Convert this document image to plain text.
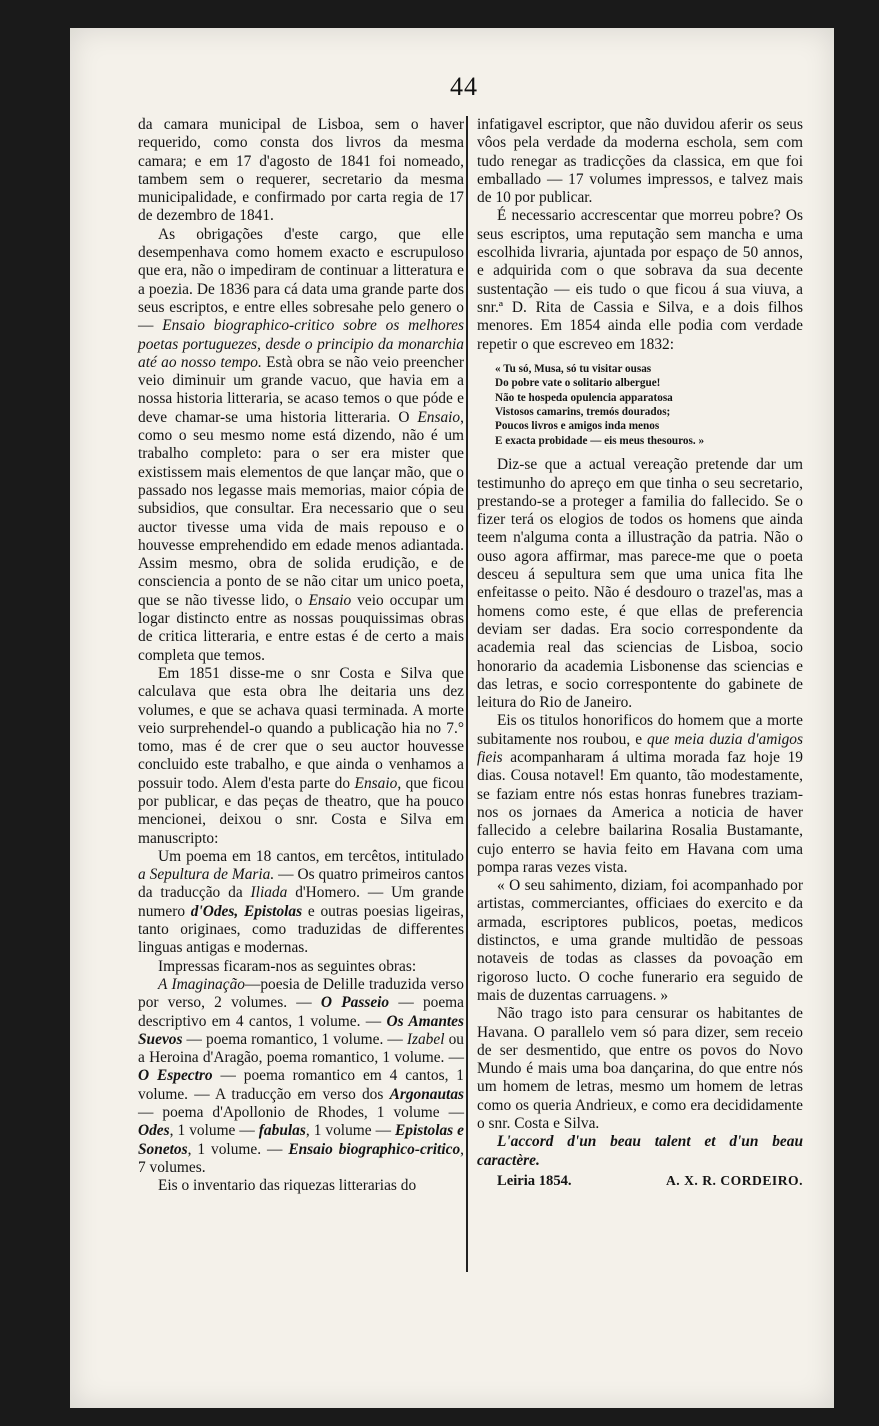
44

da camara municipal de Lisboa, sem o haver requerido, como consta dos livros da mesma camara; e em 17 d'agosto de 1841 foi nomeado, tambem sem o requerer, secretario da mesma municipalidade, e confirmado por carta regia de 17 de dezembro de 1841.

As obrigações d'este cargo, que elle desempenhava como homem exacto e escrupuloso que era, não o impediram de continuar a litteratura e a poezia. De 1836 para cá data uma grande parte dos seus escriptos, e entre elles sobresahe pelo genero o — Ensaio biographico-critico sobre os melhores poetas portuguezes, desde o principio da monarchia até ao nosso tempo. Està obra se não veio preencher veio diminuir um grande vacuo, que havia em a nossa historia litteraria, se acaso temos o que póde e deve chamar-se uma historia litteraria. O Ensaio, como o seu mesmo nome está dizendo, não é um trabalho completo: para o ser era mister que existissem mais elementos de que lançar mão, que o passado nos legasse mais memorias, maior cópia de subsidios, que consultar. Era necessario que o seu auctor tivesse uma vida de mais repouso e o houvesse emprehendido em edade menos adiantada. Assim mesmo, obra de solida erudição, e de consciencia a ponto de se não citar um unico poeta, que se não tivesse lido, o Ensaio veio occupar um logar distincto entre as nossas pouquissimas obras de critica litteraria, e entre estas é de certo a mais completa que temos.

Em 1851 disse-me o snr Costa e Silva que calculava que esta obra lhe deitaria uns dez volumes, e que se achava quasi terminada. A morte veio surprehendel-o quando a publicação hia no 7.° tomo, mas é de crer que o seu auctor houvesse concluido este trabalho, e que ainda o venhamos a possuir todo. Alem d'esta parte do Ensaio, que ficou por publicar, e das peças de theatro, que ha pouco mencionei, deixou o snr. Costa e Silva em manuscripto:

Um poema em 18 cantos, em tercêtos, intitulado a Sepultura de Maria. — Os quatro primeiros cantos da traducção da Iliada d'Homero. — Um grande numero d'Odes, Epistolas e outras poesias ligeiras, tanto originaes, como traduzidas de differentes linguas antigas e modernas.

Impressas ficaram-nos as seguintes obras:

A Imaginação—poesia de Delille traduzida verso por verso, 2 volumes. — O Passeio — poema descriptivo em 4 cantos, 1 volume. — Os Amantes Suevos — poema romantico, 1 volume. — Izabel ou a Heroina d'Aragão, poema romantico, 1 volume. — O Espectro — poema romantico em 4 cantos, 1 volume. — A traducção em verso dos Argonautas — poema d'Apollonio de Rhodes, 1 volume — Odes, 1 volume — fabulas, 1 volume — Epistolas e Sonetos, 1 volume. — Ensaio biographico-critico, 7 volumes.

Eis o inventario das riquezas litterarias do

infatigavel escriptor, que não duvidou aferir os seus vôos pela verdade da moderna eschola, sem com tudo renegar as tradicções da classica, em que foi emballado — 17 volumes impressos, e talvez mais de 10 por publicar.

É necessario accrescentar que morreu pobre? Os seus escriptos, uma reputação sem mancha e uma escolhida livraria, ajuntada por espaço de 50 annos, e adquirida com o que sobrava da sua decente sustentação — eis tudo o que ficou á sua viuva, a snr.ª D. Rita de Cassia e Silva, e a dois filhos menores. Em 1854 ainda elle podia com verdade repetir o que escreveo em 1832:

« Tu só, Musa, só tu visitar ousas
Do pobre vate o solitario albergue!
Não te hospeda opulencia apparatosa
Vistosos camarins, tremós dourados;
Poucos livros e amigos inda menos
E exacta probidade — eis meus thesouros. »

Diz-se que a actual vereação pretende dar um testimunho do apreço em que tinha o seu secretario, prestando-se a proteger a familia do fallecido. Se o fizer terá os elogios de todos os homens que ainda teem n'alguma conta a illustração da patria. Não o ouso agora affirmar, mas parece-me que o poeta desceu á sepultura sem que uma unica fita lhe enfeitasse o peito. Não é desdouro o trazel'as, mas a homens como este, é que ellas de preferencia deviam ser dadas. Era socio correspondente da academia real das sciencias de Lisboa, socio honorario da academia Lisbonense das sciencias e das letras, e socio correspontente do gabinete de leitura do Rio de Janeiro.

Eis os titulos honorificos do homem que a morte subitamente nos roubou, e que meia duzia d'amigos fieis acompanharam á ultima morada faz hoje 19 dias. Cousa notavel! Em quanto, tão modestamente, se faziam entre nós estas honras funebres traziam-nos os jornaes da America a noticia de haver fallecido a celebre bailarina Rosalia Bustamante, cujo enterro se havia feito em Havana com uma pompa raras vezes vista.

« O seu sahimento, diziam, foi acompanhado por artistas, commerciantes, officiaes do exercito e da armada, escriptores publicos, poetas, medicos distinctos, e uma grande multidão de pessoas notaveis de todas as classes da povoação em rigoroso lucto. O coche funerario era seguido de mais de duzentas carruagens. »

Não trago isto para censurar os habitantes de Havana. O parallelo vem só para dizer, sem receio de ser desmentido, que entre os povos do Novo Mundo é mais uma boa dançarina, do que entre nós um homem de letras, mesmo um homem de letras como os queria Andrieux, e como era decididamente o snr. Costa e Silva.

L'accord d'un beau talent et d'un beau caractère.

Leiria 1854.	A. X. R. CORDEIRO.
